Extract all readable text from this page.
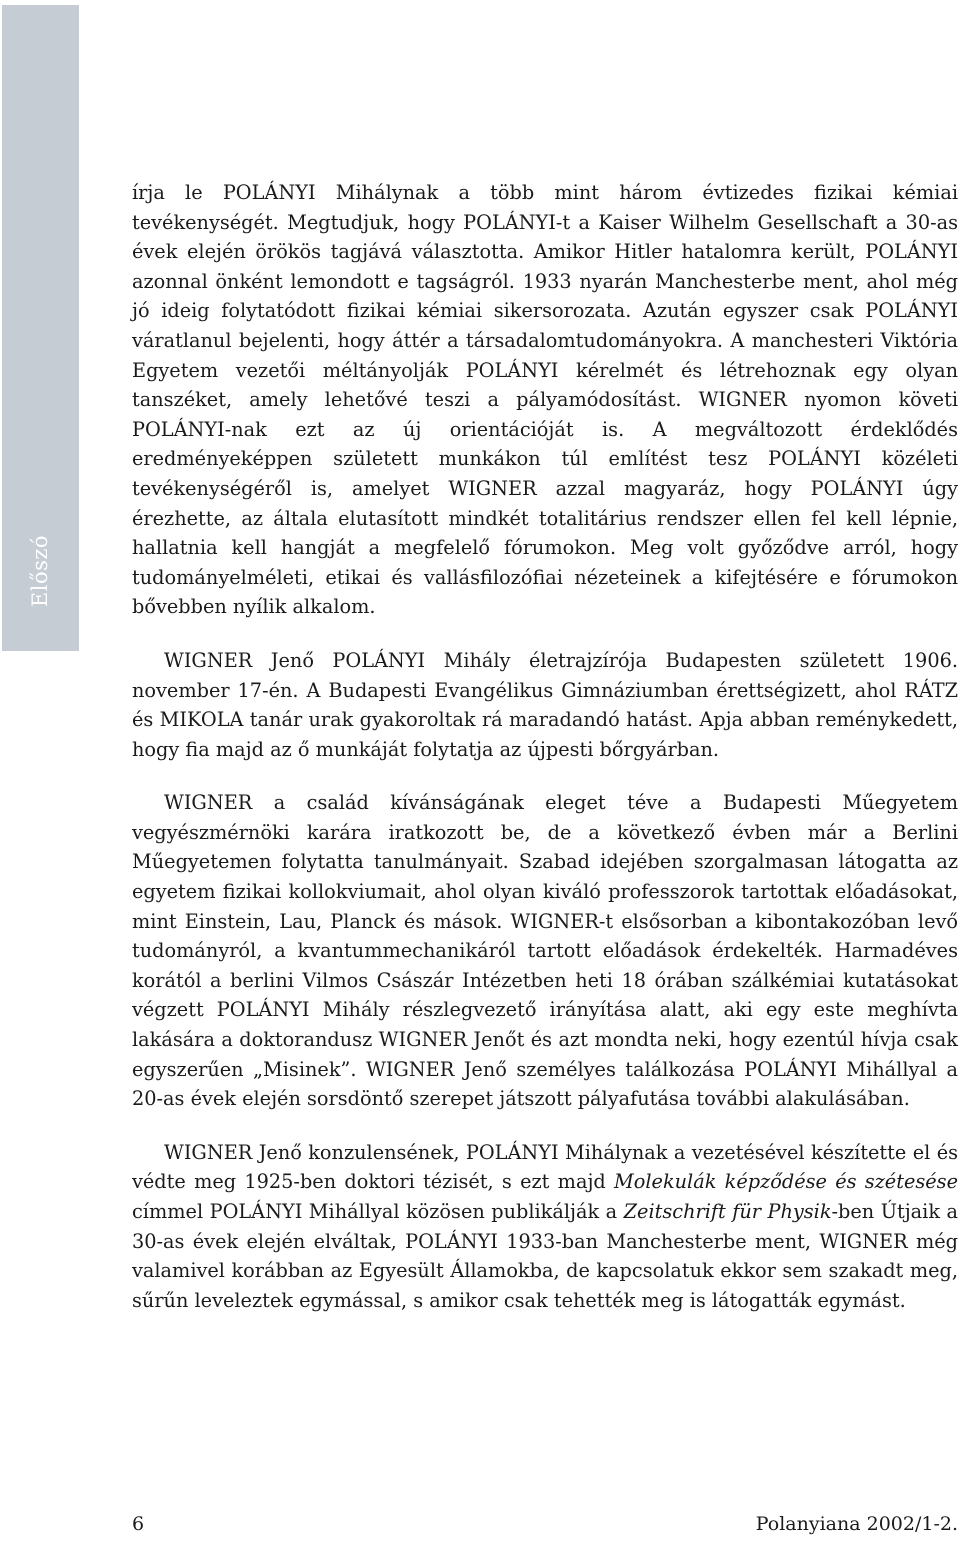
Előszó

írja le POLÁNYI Mihálynak a több mint három évtizedes fizikai kémiai tevékenységét. Megtudjuk, hogy POLÁNYI-t a Kaiser Wilhelm Gesellschaft a 30-as évek elején örökös tagjává választotta. Amikor Hitler hatalomra került, POLÁNYI azonnal önként lemondott e tagságról. 1933 nyarán Manchesterbe ment, ahol még jó ideig folytatódott fizikai kémiai sikersorozata. Azután egyszer csak POLÁNYI váratlanul bejelenti, hogy áttér a társadalomtudományokra. A manchesteri Viktória Egyetem vezetői méltányolják POLÁNYI kérelmét és létrehoznak egy olyan tanszéket, amely lehetővé teszi a pályamódosítást. WIGNER nyomon követi POLÁNYI-nak ezt az új orientációját is. A megváltozott érdeklődés eredményeképpen született munkákon túl említést tesz POLÁNYI közéleti tevékenységéről is, amelyet WIGNER azzal magyaráz, hogy POLÁNYI úgy érezhette, az általa elutasított mindkét totalitárius rendszer ellen fel kell lépnie, hallatnia kell hangját a megfelelő fórumokon. Meg volt győződve arról, hogy tudományelméleti, etikai és vallásfilozófiai nézeteinek a kifejtésére e fórumokon bővebben nyílik alkalom.

WIGNER Jenő POLÁNYI Mihály életrajzírója Budapesten született 1906. november 17-én. A Budapesti Evangélikus Gimnáziumban érettségizett, ahol RÁTZ és MIKOLA tanár urak gyakoroltak rá maradandó hatást. Apja abban reménykedett, hogy fia majd az ő munkáját folytatja az újpesti bőrgyárban.

WIGNER a család kívánságának eleget téve a Budapesti Műegyetem vegyészmérnöki karára iratkozott be, de a következő évben már a Berlini Műegyetemen folytatta tanulmányait. Szabad idejében szorgalmasan látogatta az egyetem fizikai kollokviumait, ahol olyan kiváló professzorok tartottak előadásokat, mint Einstein, Lau, Planck és mások. WIGNER-t elsősorban a kibontakozóban levő tudományról, a kvantummechanikáról tartott előadások érdekelték. Harmadéves korától a berlini Vilmos Császár Intézetben heti 18 órában szálkémiai kutatásokat végzett POLÁNYI Mihály részlegvezető irányítása alatt, aki egy este meghívta lakására a doktorandusz WIGNER Jenőt és azt mondta neki, hogy ezentúl hívja csak egyszerűen „Misinek”. WIGNER Jenő személyes találkozása POLÁNYI Mihállyal a 20-as évek elején sorsdöntő szerepet játszott pályafutása további alakulásában.

WIGNER Jenő konzulensének, POLÁNYI Mihálynak a vezetésével készítette el és védte meg 1925-ben doktori tézisét, s ezt majd Molekulák képződése és szétesése címmel POLÁNYI Mihállyal közösen publikálják a Zeitschrift für Physik-ben Útjaik a 30-as évek elején elváltak, POLÁNYI 1933-ban Manchesterbe ment, WIGNER még valamivel korábban az Egyesült Államokba, de kapcsolatuk ekkor sem szakadt meg, sűrűn leveleztek egymással, s amikor csak tehették meg is látogatták egymást.

6	Polanyiana 2002/1-2.
